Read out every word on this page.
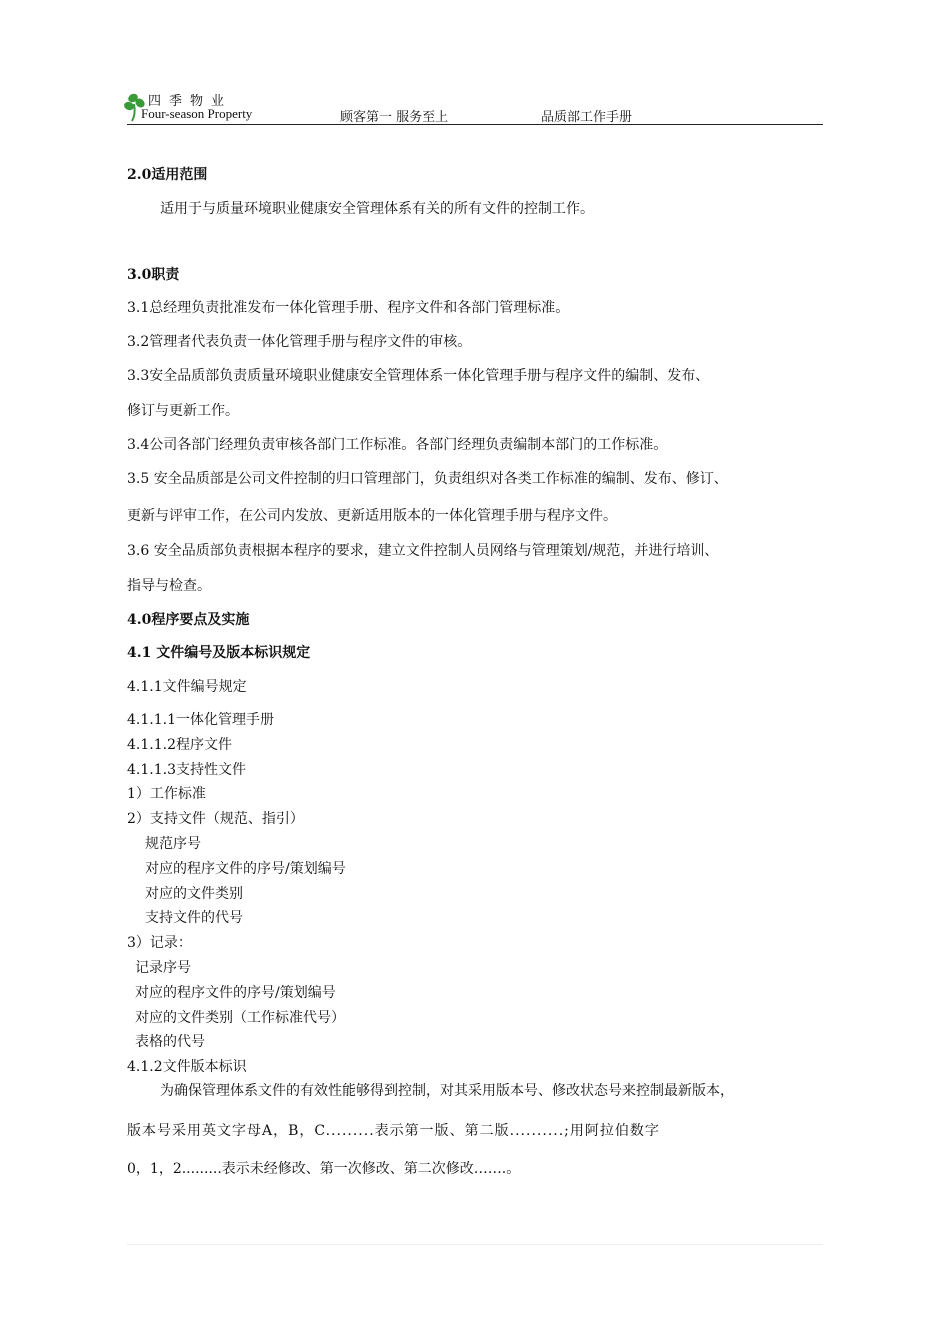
四季物业
Four-season Property	顾客第一 服务至上	品质部工作手册
2.0适用范围
适用于与质量环境职业健康安全管理体系有关的所有文件的控制工作。
3.0职责
3.1总经理负责批准发布一体化管理手册、程序文件和各部门管理标准。
3.2管理者代表负责一体化管理手册与程序文件的审核。
3.3安全品质部负责质量环境职业健康安全管理体系一体化管理手册与程序文件的编制、发布、
修订与更新工作。
3.4公司各部门经理负责审核各部门工作标准。各部门经理负责编制本部门的工作标准。
3.5 安全品质部是公司文件控制的归口管理部门，负责组织对各类工作标准的编制、发布、修订、
更新与评审工作，在公司内发放、更新适用版本的一体化管理手册与程序文件。
3.6 安全品质部负责根据本程序的要求，建立文件控制人员网络与管理策划/规范，并进行培训、
指导与检查。
4.0程序要点及实施
4.1 文件编号及版本标识规定
4.1.1文件编号规定
4.1.1.1一体化管理手册
4.1.1.2程序文件
4.1.1.3支持性文件
1）工作标准
2）支持文件（规范、指引）
规范序号
对应的程序文件的序号/策划编号
对应的文件类别
支持文件的代号
3）记录：
记录序号
对应的程序文件的序号/策划编号
对应的文件类别（工作标准代号）
表格的代号
4.1.2文件版本标识
为确保管理体系文件的有效性能够得到控制，对其采用版本号、修改状态号来控制最新版本，
版本号采用英文字母A，B，C.........表示第一版、第二版..........;用阿拉伯数字
0，1，2.........表示未经修改、第一次修改、第二次修改…….。
